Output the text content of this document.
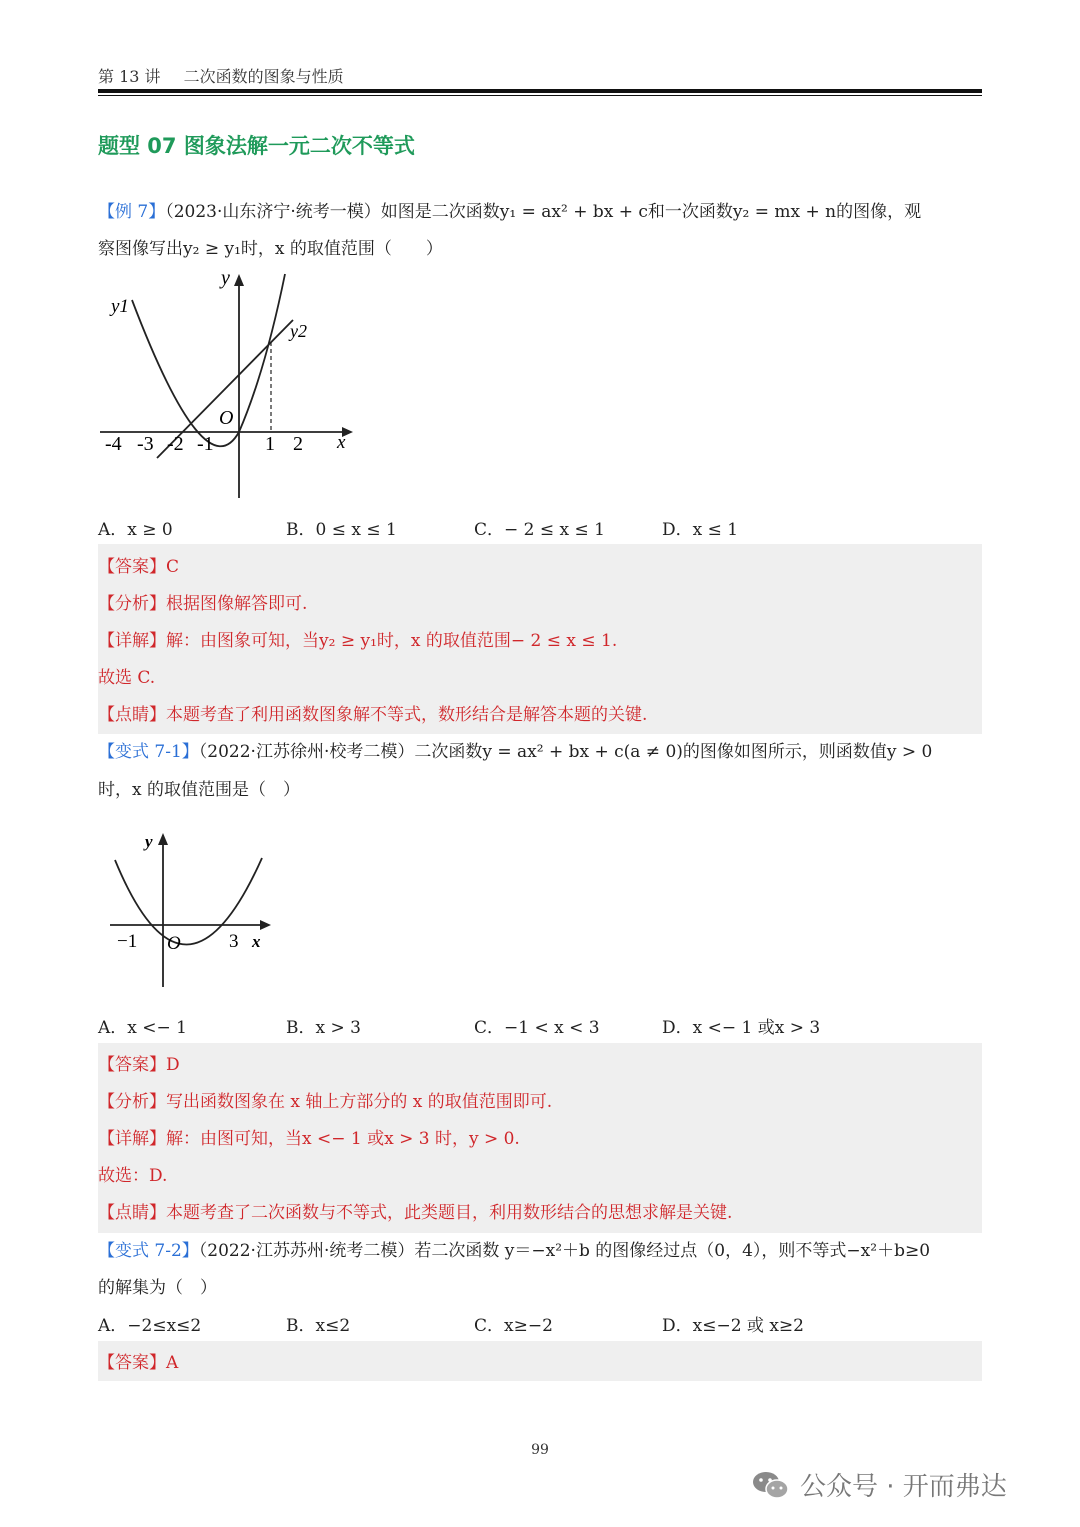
第 13 讲 二次函数的图象与性质
题型 07 图象法解一元二次不等式
【例 7】（2023·山东济宁·统考一模）如图是二次函数y₁ = ax² + bx + c和一次函数y₂ = mx + n的图像，观
察图像写出y₂ ≥ y₁时，x 的取值范围（　　）
y1
y2
y
x
O
-4 -3 -2 -1	1 2
A．x ≥ 0	B．0 ≤ x ≤ 1	C．− 2 ≤ x ≤ 1	D．x ≤ 1
【答案】C
【分析】根据图像解答即可.
【详解】解：由图象可知，当y₂ ≥ y₁时，x 的取值范围− 2 ≤ x ≤ 1.
故选 C.
【点睛】本题考查了利用函数图象解不等式，数形结合是解答本题的关键.
【变式 7-1】（2022·江苏徐州·校考二模）二次函数y = ax² + bx + c(a ≠ 0)的图像如图所示，则函数值y > 0
时，x 的取值范围是（　）
y
x
O
−1	3
A．x <− 1	B．x > 3	C．−1 < x < 3	D．x <− 1 或x > 3
【答案】D
【分析】写出函数图象在 x 轴上方部分的 x 的取值范围即可.
【详解】解：由图可知，当x <− 1 或x > 3 时，y > 0.
故选：D.
【点睛】本题考查了二次函数与不等式，此类题目，利用数形结合的思想求解是关键.
【变式 7-2】（2022·江苏苏州·统考二模）若二次函数 y＝−x²＋b 的图像经过点（0，4），则不等式−x²＋b≥0
的解集为（　）
A．−2≤x≤2	B．x≤2	C．x≥−2	D．x≤−2 或 x≥2
【答案】A
99
公众号 · 开而弗达
